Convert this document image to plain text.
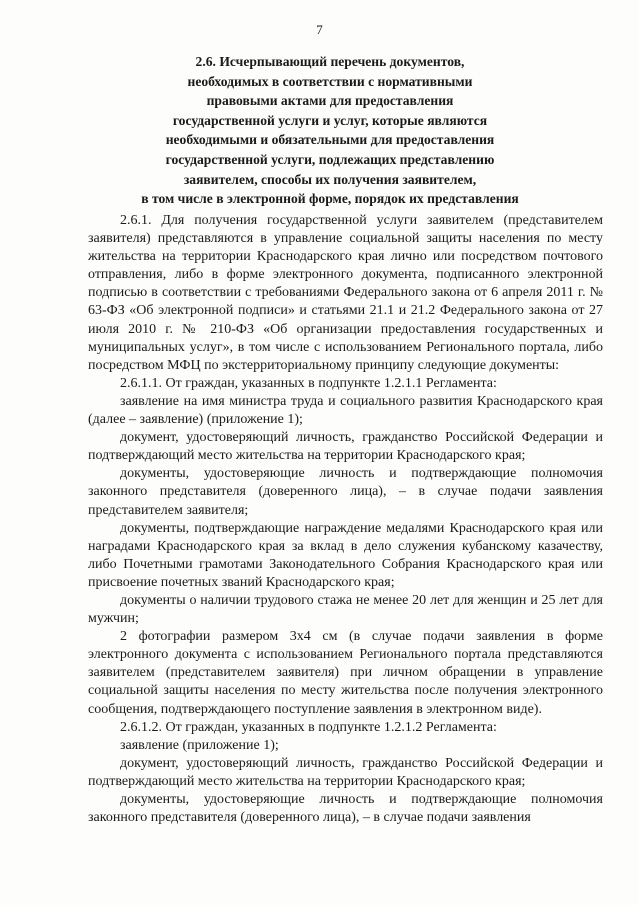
7
2.6. Исчерпывающий перечень документов,
необходимых в соответствии с нормативными
правовыми актами для предоставления
государственной услуги и услуг, которые являются
необходимыми и обязательными для предоставления
государственной услуги, подлежащих представлению
заявителем, способы их получения заявителем,
в том числе в электронной форме, порядок их представления

2.6.1. Для получения государственной услуги заявителем (представителем заявителя) представляются в управление социальной защиты населения по месту жительства на территории Краснодарского края лично или посредством почтового отправления, либо в форме электронного документа, подписанного электронной подписью в соответствии с требованиями Федерального закона от 6 апреля 2011 г. № 63-ФЗ «Об электронной подписи» и статьями 21.1 и 21.2 Федерального закона от 27 июля 2010 г. № 210-ФЗ «Об организации предоставления государственных и муниципальных услуг», в том числе с использованием Регионального портала, либо посредством МФЦ по экстерриториальному принципу следующие документы:

2.6.1.1. От граждан, указанных в подпункте 1.2.1.1 Регламента:

заявление на имя министра труда и социального развития Краснодарского края (далее – заявление) (приложение 1);

документ, удостоверяющий личность, гражданство Российской Федерации и подтверждающий место жительства на территории Краснодарского края;

документы, удостоверяющие личность и подтверждающие полномочия законного представителя (доверенного лица), – в случае подачи заявления представителем заявителя;

документы, подтверждающие награждение медалями Краснодарского края или наградами Краснодарского края за вклад в дело служения кубанскому казачеству, либо Почетными грамотами Законодательного Собрания Краснодарского края или присвоение почетных званий Краснодарского края;

документы о наличии трудового стажа не менее 20 лет для женщин и 25 лет для мужчин;

2 фотографии размером 3х4 см (в случае подачи заявления в форме электронного документа с использованием Регионального портала представляются заявителем (представителем заявителя) при личном обращении в управление социальной защиты населения по месту жительства после получения электронного сообщения, подтверждающего поступление заявления в электронном виде).

2.6.1.2. От граждан, указанных в подпункте 1.2.1.2 Регламента:

заявление (приложение 1);

документ, удостоверяющий личность, гражданство Российской Федерации и подтверждающий место жительства на территории Краснодарского края;

документы, удостоверяющие личность и подтверждающие полномочия законного представителя (доверенного лица), – в случае подачи заявления
